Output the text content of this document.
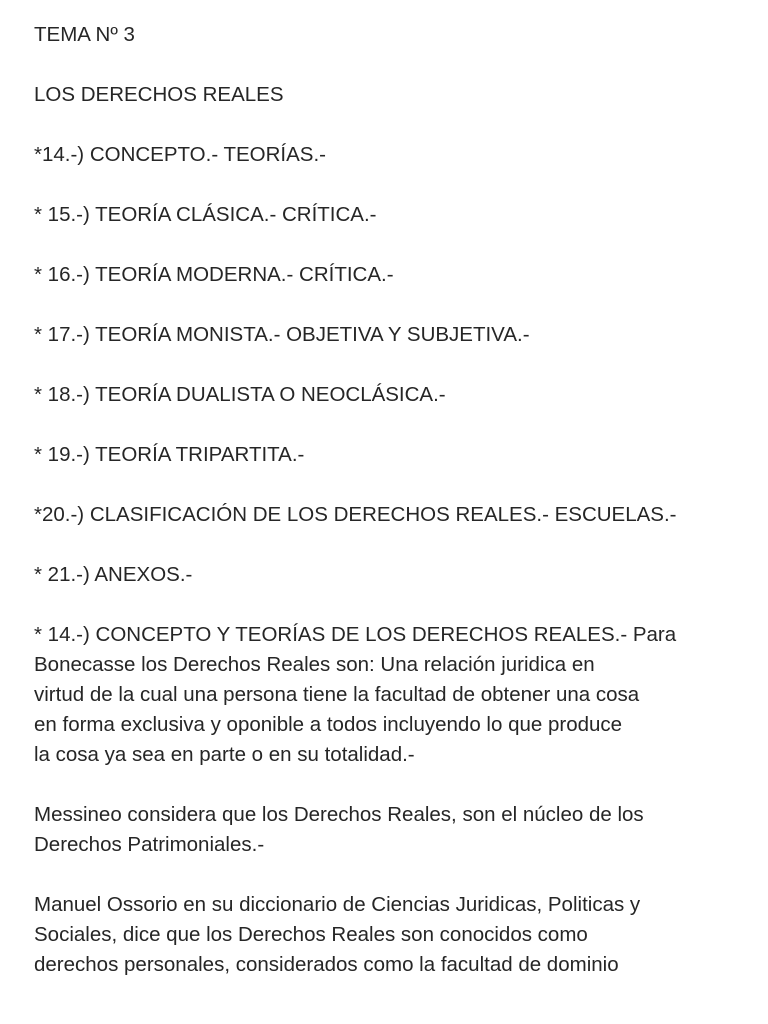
TEMA Nº 3
LOS DERECHOS REALES
*14.-) CONCEPTO.- TEORÍAS.-
* 15.-) TEORÍA CLÁSICA.- CRÍTICA.-
* 16.-) TEORÍA MODERNA.- CRÍTICA.-
* 17.-) TEORÍA MONISTA.- OBJETIVA Y SUBJETIVA.-
* 18.-) TEORÍA DUALISTA O NEOCLÁSICA.-
* 19.-) TEORÍA TRIPARTITA.-
*20.-) CLASIFICACIÓN DE LOS DERECHOS REALES.- ESCUELAS.-
* 21.-) ANEXOS.-
* 14.-) CONCEPTO Y TEORÍAS DE LOS DERECHOS REALES.- Para
Bonecasse los Derechos Reales son: Una relación juridica en
virtud de la cual una persona tiene la facultad de obtener una cosa
en forma exclusiva y oponible a todos incluyendo lo que produce
la cosa ya sea en parte o en su totalidad.-
Messineo considera que los Derechos Reales, son el núcleo de los
Derechos Patrimoniales.-
Manuel Ossorio en su diccionario de Ciencias Juridicas, Politicas y
Sociales, dice que los Derechos Reales son conocidos como
derechos personales, considerados como la facultad de dominio
